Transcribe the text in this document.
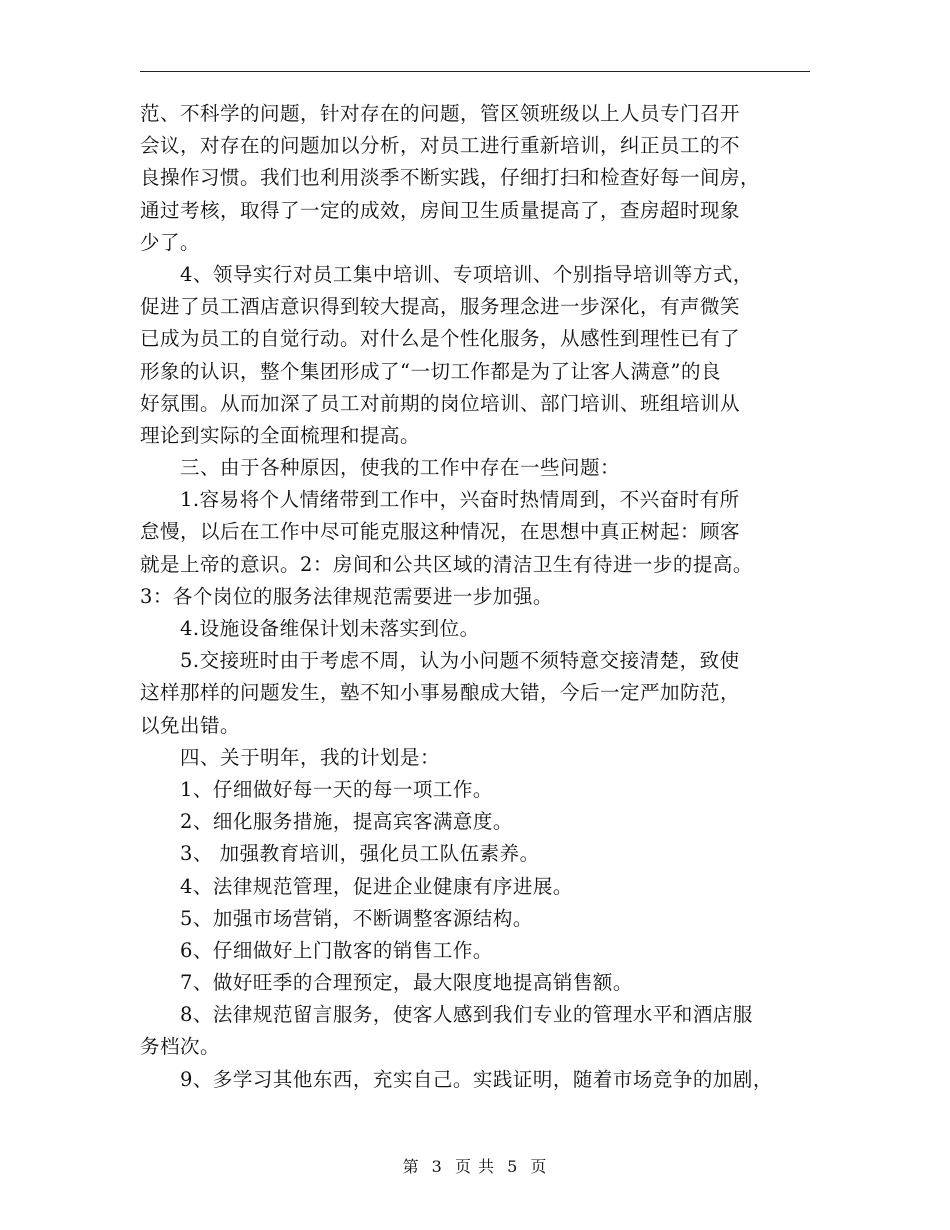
范、不科学的问题，针对存在的问题，管区领班级以上人员专门召开
会议，对存在的问题加以分析，对员工进行重新培训，纠正员工的不
良操作习惯。我们也利用淡季不断实践，仔细打扫和检查好每一间房，
通过考核，取得了一定的成效，房间卫生质量提高了，查房超时现象
少了。
4、领导实行对员工集中培训、专项培训、个别指导培训等方式，
促进了员工酒店意识得到较大提高，服务理念进一步深化，有声微笑
已成为员工的自觉行动。对什么是个性化服务，从感性到理性已有了
形象的认识，整个集团形成了“一切工作都是为了让客人满意”的良
好氛围。从而加深了员工对前期的岗位培训、部门培训、班组培训从
理论到实际的全面梳理和提高。
三、由于各种原因，使我的工作中存在一些问题：
1.容易将个人情绪带到工作中，兴奋时热情周到，不兴奋时有所
怠慢，以后在工作中尽可能克服这种情况，在思想中真正树起：顾客
就是上帝的意识。2：房间和公共区域的清洁卫生有待进一步的提高。
3：各个岗位的服务法律规范需要进一步加强。
4.设施设备维保计划未落实到位。
5.交接班时由于考虑不周，认为小问题不须特意交接清楚，致使
这样那样的问题发生，塾不知小事易酿成大错，今后一定严加防范，
以免出错。
四、关于明年，我的计划是：
1、仔细做好每一天的每一项工作。
2、细化服务措施，提高宾客满意度。
3、 加强教育培训，强化员工队伍素养。
4、法律规范管理，促进企业健康有序进展。
5、加强市场营销，不断调整客源结构。
6、仔细做好上门散客的销售工作。
7、做好旺季的合理预定，最大限度地提高销售额。
8、法律规范留言服务，使客人感到我们专业的管理水平和酒店服
务档次。
9、多学习其他东西，充实自己。实践证明，随着市场竞争的加剧，
第 3 页 共 5 页
